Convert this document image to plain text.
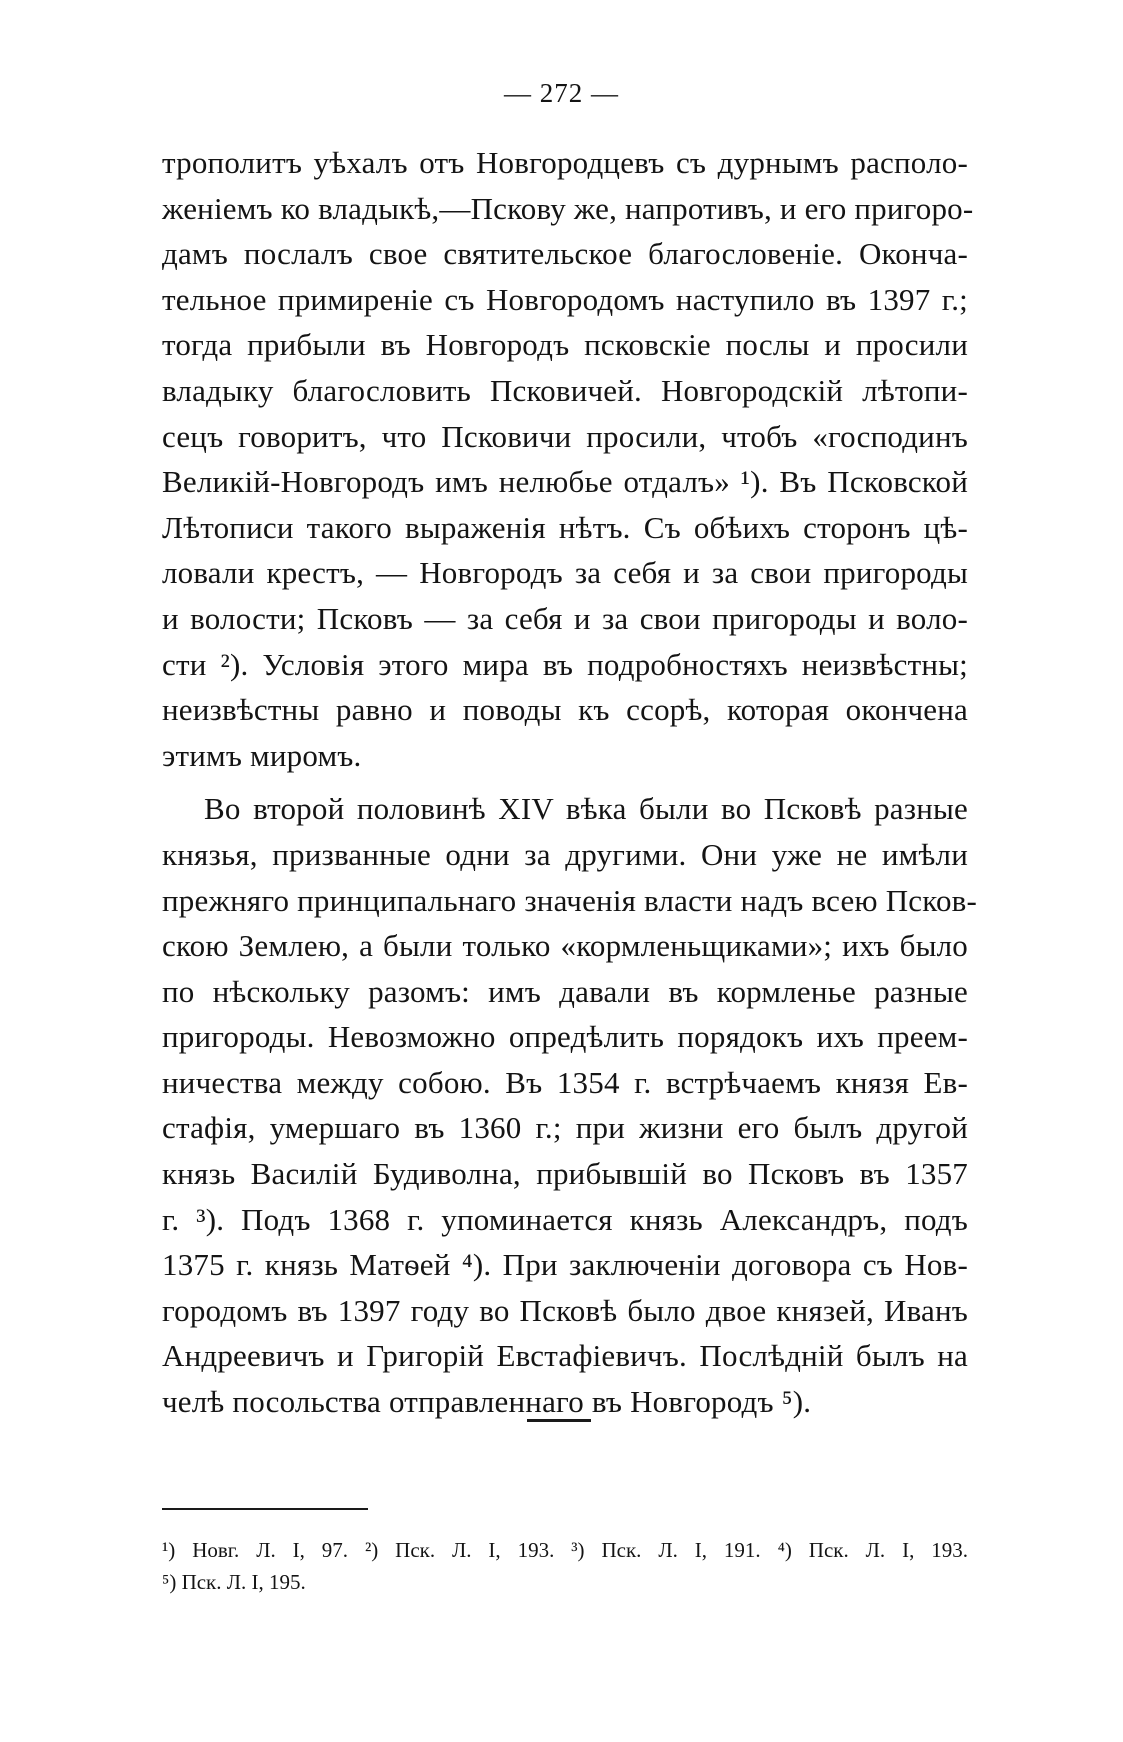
— 272 —
трополитъ уѣхалъ отъ Новгородцевъ съ дурнымъ располо-
женіемъ ко владыкѣ,—Пскову же, напротивъ, и его пригоро-
дамъ послалъ свое святительское благословеніе. Оконча-
тельное примиреніе съ Новгородомъ наступило въ 1397 г.;
тогда прибыли въ Новгородъ псковскіе послы и просили
владыку благословить Псковичей. Новгородскій лѣтопи-
сецъ говоритъ, что Псковичи просили, чтобъ «господинъ
Великій-Новгородъ имъ нелюбье отдалъ» ¹). Въ Псковской
Лѣтописи такого выраженія нѣтъ. Съ обѣихъ сторонъ цѣ-
ловали крестъ, — Новгородъ за себя и за свои пригороды
и волости; Псковъ — за себя и за свои пригороды и воло-
сти ²). Условія этого мира въ подробностяхъ неизвѣстны;
неизвѣстны равно и поводы къ ссорѣ, которая окончена
этимъ миромъ.
Во второй половинѣ XIV вѣка были во Псковѣ разные
князья, призванные одни за другими. Они уже не имѣли
прежняго принципальнаго значенія власти надъ всею Псков-
скою Землею, а были только «кормленьщиками»; ихъ было
по нѣскольку разомъ: имъ давали въ кормленье разные
пригороды. Невозможно опредѣлить порядокъ ихъ преем-
ничества между собою. Въ 1354 г. встрѣчаемъ князя Ев-
стафія, умершаго въ 1360 г.; при жизни его былъ другой
князь Василій Будиволна, прибывшій во Псковъ въ 1357
г. ³). Подъ 1368 г. упоминается князь Александръ, подъ
1375 г. князь Матѳей ⁴). При заключеніи договора съ Нов-
городомъ въ 1397 году во Псковѣ было двое князей, Иванъ
Андреевичъ и Григорій Евстафіевичъ. Послѣдній былъ на
челѣ посольства отправленнаго въ Новгородъ ⁵).
¹) Новг. Л. I, 97. ²) Пск. Л. I, 193. ³) Пск. Л. I, 191. ⁴) Пск. Л. I, 193.
⁵) Пск. Л. I, 195.
